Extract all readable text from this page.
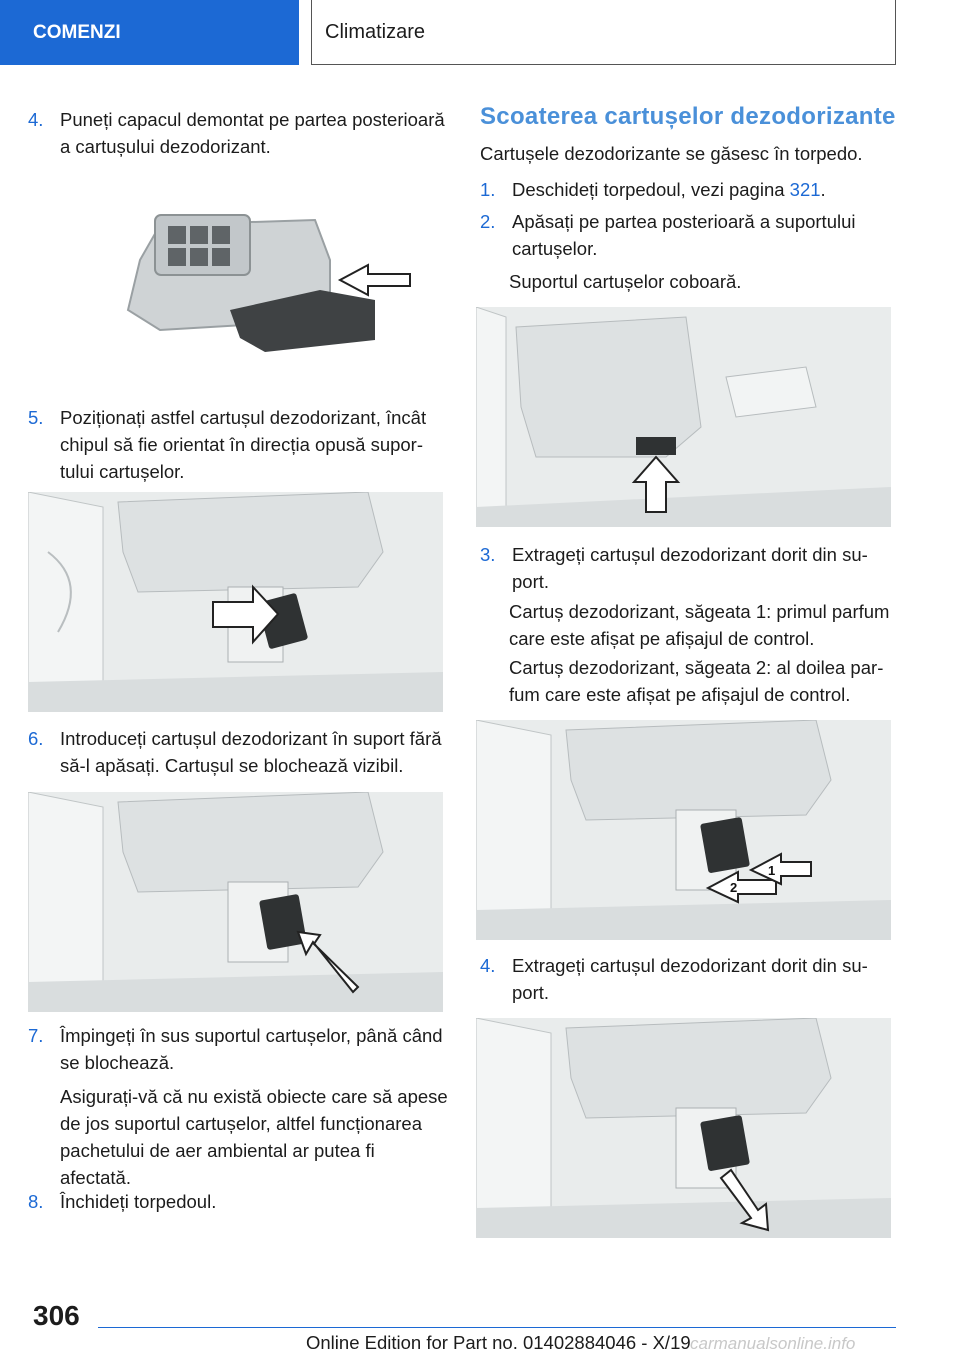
COMENZI	Climatizare
4. Puneți capacul demontat pe partea posterioară a cartușului dezodorizant.
5. Poziționați astfel cartușul dezodorizant, încât chipul să fie orientat în direcția opusă suportului cartușelor.
6. Introduceți cartușul dezodorizant în suport fără să-l apăsați. Cartușul se blochează vizibil.
7. Împingeți în sus suportul cartușelor, până când se blochează.
Asigurați-vă că nu există obiecte care să apese de jos suportul cartușelor, altfel funcționarea pachetului de aer ambiental ar putea fi afectată.
8. Închideți torpedoul.
Scoaterea cartușelor dezodorizante
Cartușele dezodorizante se găsesc în torpedo.
1. Deschideți torpedoul, vezi pagina 321.
2. Apăsați pe partea posterioară a suportului cartușelor.
Suportul cartușelor coboară.
3. Extrageți cartușul dezodorizant dorit din suport.
Cartuș dezodorizant, săgeata 1: primul parfum care este afișat pe afișajul de control.
Cartuș dezodorizant, săgeata 2: al doilea parfum care este afișat pe afișajul de control.
2
1
4. Extrageți cartușul dezodorizant dorit din suport.
306
Online Edition for Part no. 01402884046 - X/19 carmanualsonline.info
